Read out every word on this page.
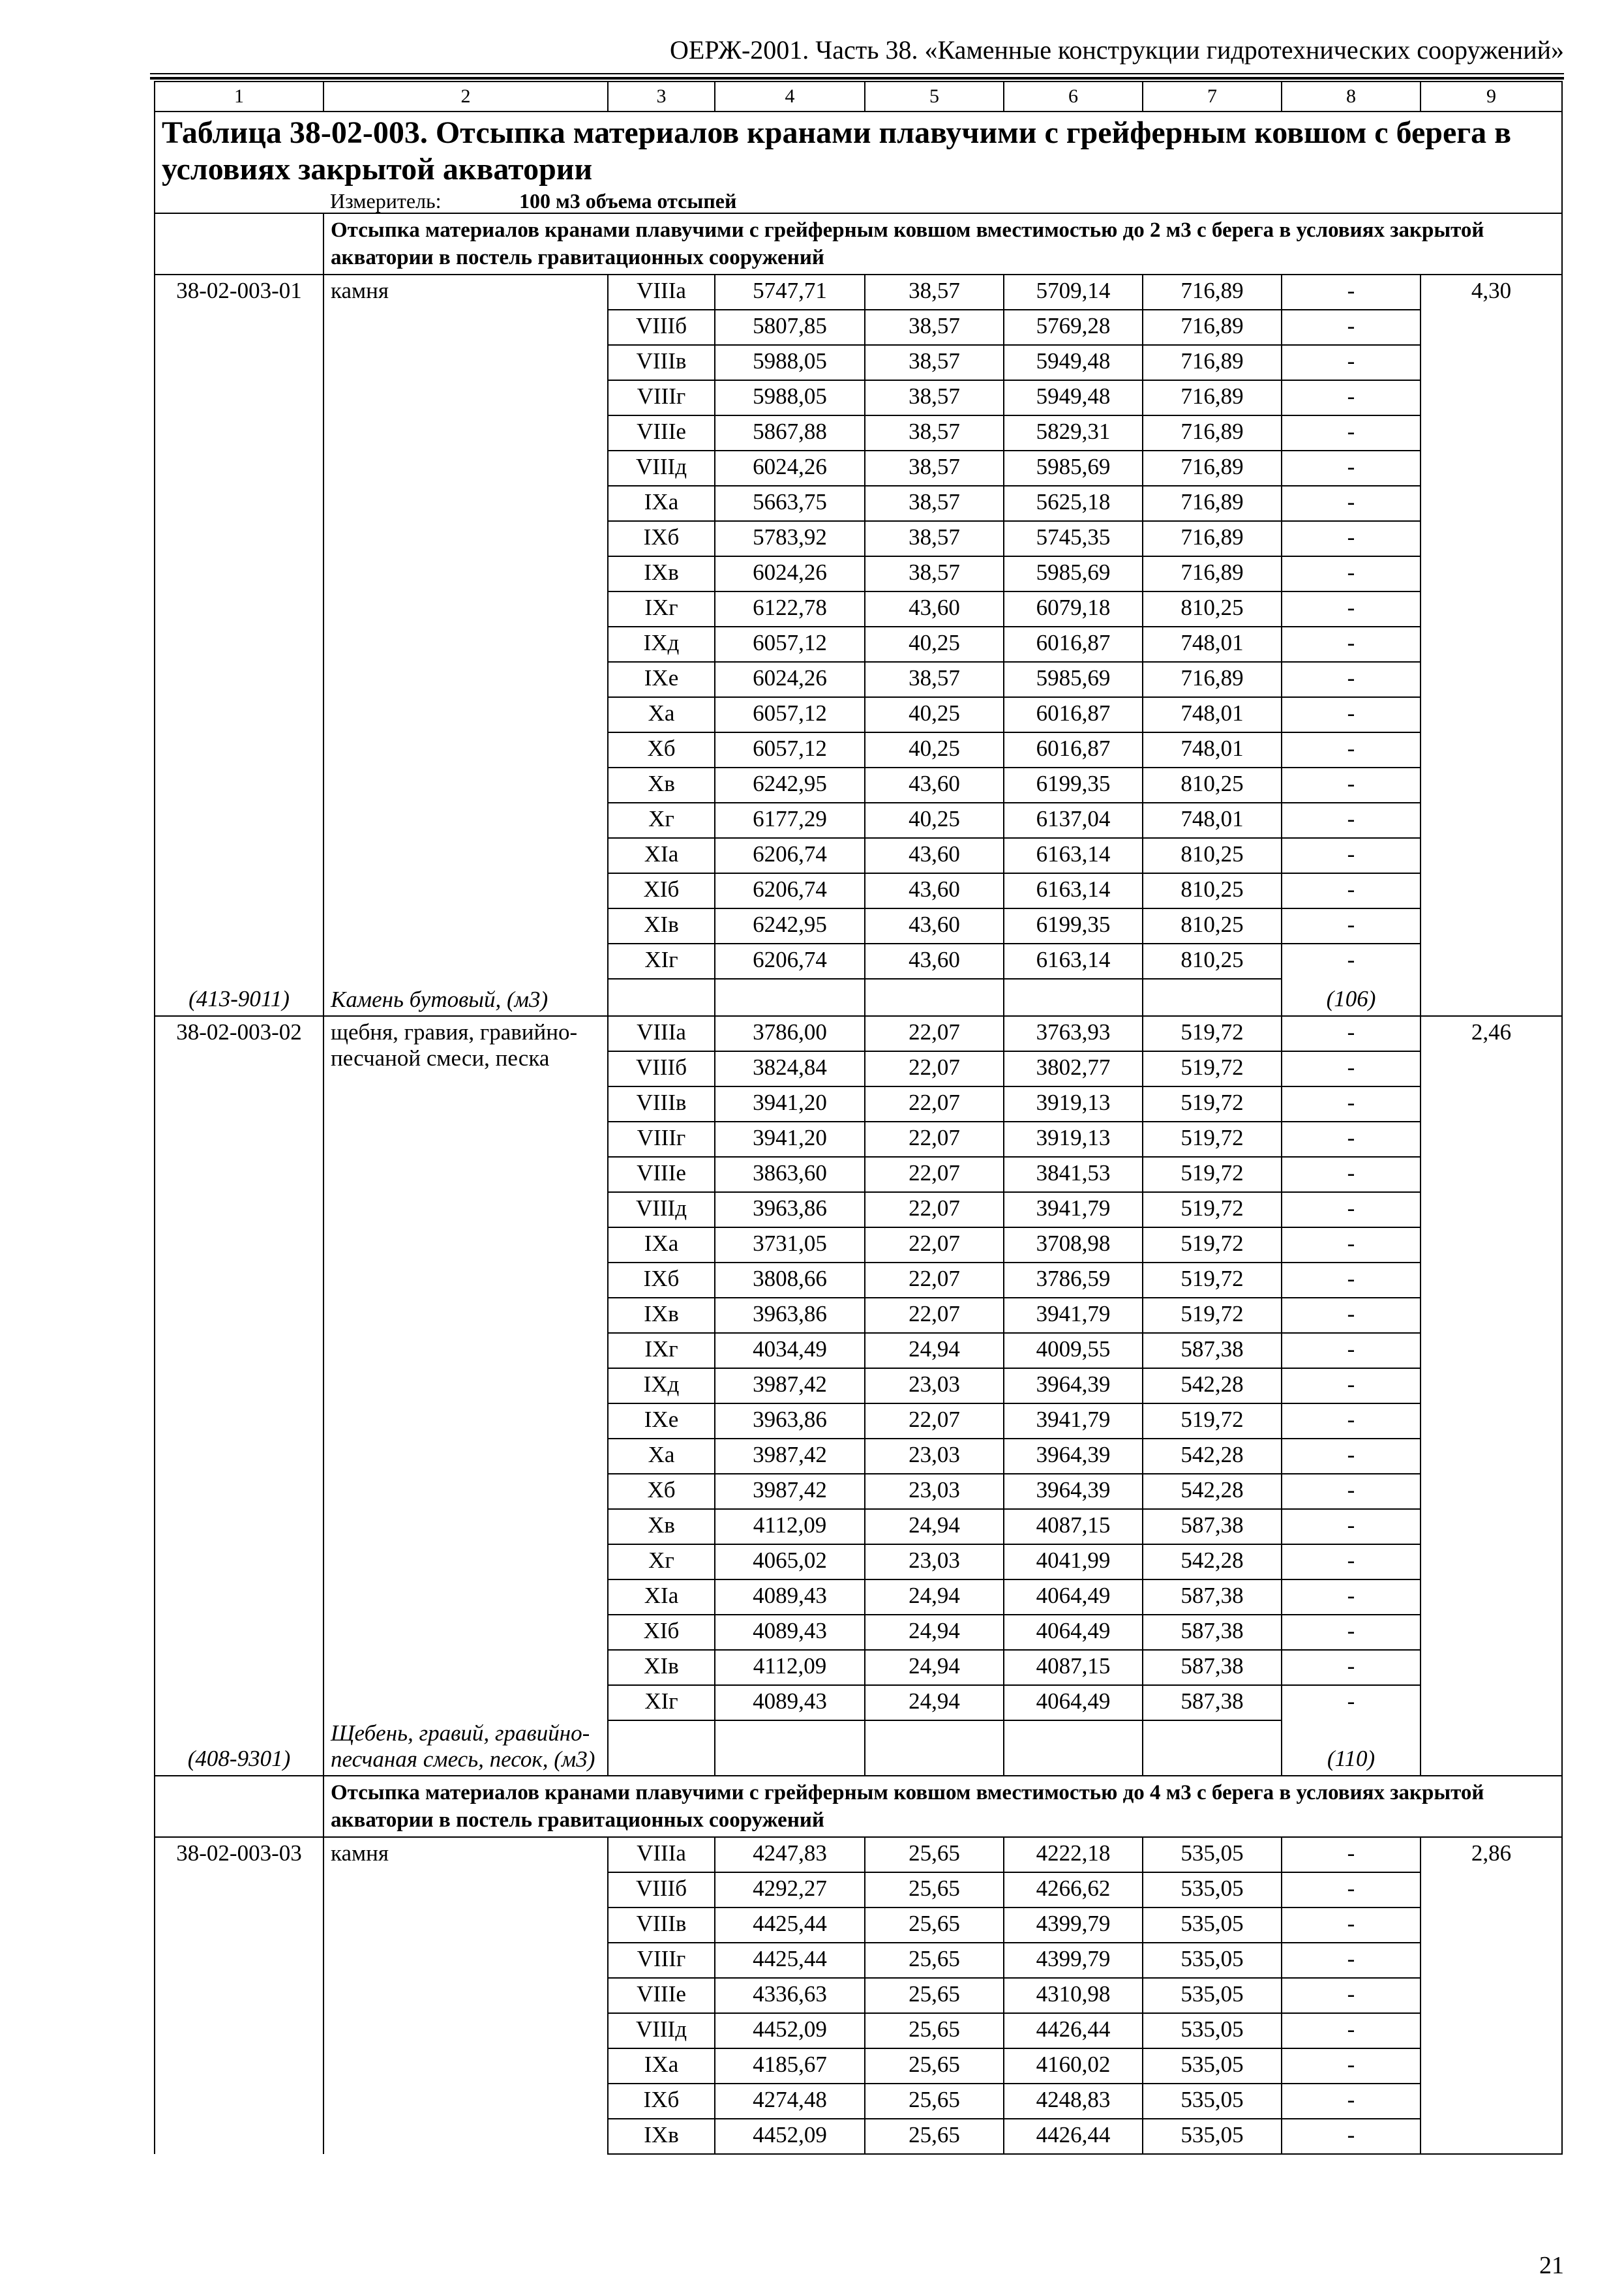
ОЕРЖ-2001. Часть 38. «Каменные конструкции гидротехнических сооружений»
1	2	3	4	5	6	7	8	9
Таблица 38-02-003. Отсыпка материалов кранами плавучими с грейферным ковшом с берега в условиях закрытой акватории								
	Измеритель: 100 м3 объема отсыпей							
	Отсыпка материалов кранами плавучими с грейферным ковшом вместимостью до 2 м3 с берега в условиях закрытой акватории в постель гравитационных сооружений							
38-02-003-01	камня	VIIIа	5747,71	38,57	5709,14	716,89	-	4,30
		VIIIб	5807,85	38,57	5769,28	716,89	-	
		VIIIв	5988,05	38,57	5949,48	716,89	-	
		VIIIг	5988,05	38,57	5949,48	716,89	-	
		VIIIе	5867,88	38,57	5829,31	716,89	-	
		VIIIд	6024,26	38,57	5985,69	716,89	-	
		IXа	5663,75	38,57	5625,18	716,89	-	
		IXб	5783,92	38,57	5745,35	716,89	-	
		IXв	6024,26	38,57	5985,69	716,89	-	
		IXг	6122,78	43,60	6079,18	810,25	-	
		IXд	6057,12	40,25	6016,87	748,01	-	
		IXе	6024,26	38,57	5985,69	716,89	-	
		Xа	6057,12	40,25	6016,87	748,01	-	
		Xб	6057,12	40,25	6016,87	748,01	-	
		Xв	6242,95	43,60	6199,35	810,25	-	
		Xг	6177,29	40,25	6137,04	748,01	-	
		XIа	6206,74	43,60	6163,14	810,25	-	
		XIб	6206,74	43,60	6163,14	810,25	-	
		XIв	6242,95	43,60	6199,35	810,25	-	
		XIг	6206,74	43,60	6163,14	810,25	-	
(413-9011)	Камень бутовый, (м3)						(106)	
38-02-003-02	щебня, гравия, гравийно-песчаной смеси, песка	VIIIа	3786,00	22,07	3763,93	519,72	-	2,46
		VIIIб	3824,84	22,07	3802,77	519,72	-	
		VIIIв	3941,20	22,07	3919,13	519,72	-	
		VIIIг	3941,20	22,07	3919,13	519,72	-	
		VIIIе	3863,60	22,07	3841,53	519,72	-	
		VIIIд	3963,86	22,07	3941,79	519,72	-	
		IXа	3731,05	22,07	3708,98	519,72	-	
		IXб	3808,66	22,07	3786,59	519,72	-	
		IXв	3963,86	22,07	3941,79	519,72	-	
		IXг	4034,49	24,94	4009,55	587,38	-	
		IXд	3987,42	23,03	3964,39	542,28	-	
		IXе	3963,86	22,07	3941,79	519,72	-	
		Xа	3987,42	23,03	3964,39	542,28	-	
		Xб	3987,42	23,03	3964,39	542,28	-	
		Xв	4112,09	24,94	4087,15	587,38	-	
		Xг	4065,02	23,03	4041,99	542,28	-	
		XIа	4089,43	24,94	4064,49	587,38	-	
		XIб	4089,43	24,94	4064,49	587,38	-	
		XIв	4112,09	24,94	4087,15	587,38	-	
		XIг	4089,43	24,94	4064,49	587,38	-	
(408-9301)	Щебень, гравий, гравийно-песчаная смесь, песок, (м3)						(110)	
	Отсыпка материалов кранами плавучими с грейферным ковшом вместимостью до 4 м3 с берега в условиях закрытой акватории в постель гравитационных сооружений							
38-02-003-03	камня	VIIIа	4247,83	25,65	4222,18	535,05	-	2,86
		VIIIб	4292,27	25,65	4266,62	535,05	-	
		VIIIв	4425,44	25,65	4399,79	535,05	-	
		VIIIг	4425,44	25,65	4399,79	535,05	-	
		VIIIе	4336,63	25,65	4310,98	535,05	-	
		VIIIд	4452,09	25,65	4426,44	535,05	-	
		IXа	4185,67	25,65	4160,02	535,05	-	
		IXб	4274,48	25,65	4248,83	535,05	-	
		IXв	4452,09	25,65	4426,44	535,05	-	
21
